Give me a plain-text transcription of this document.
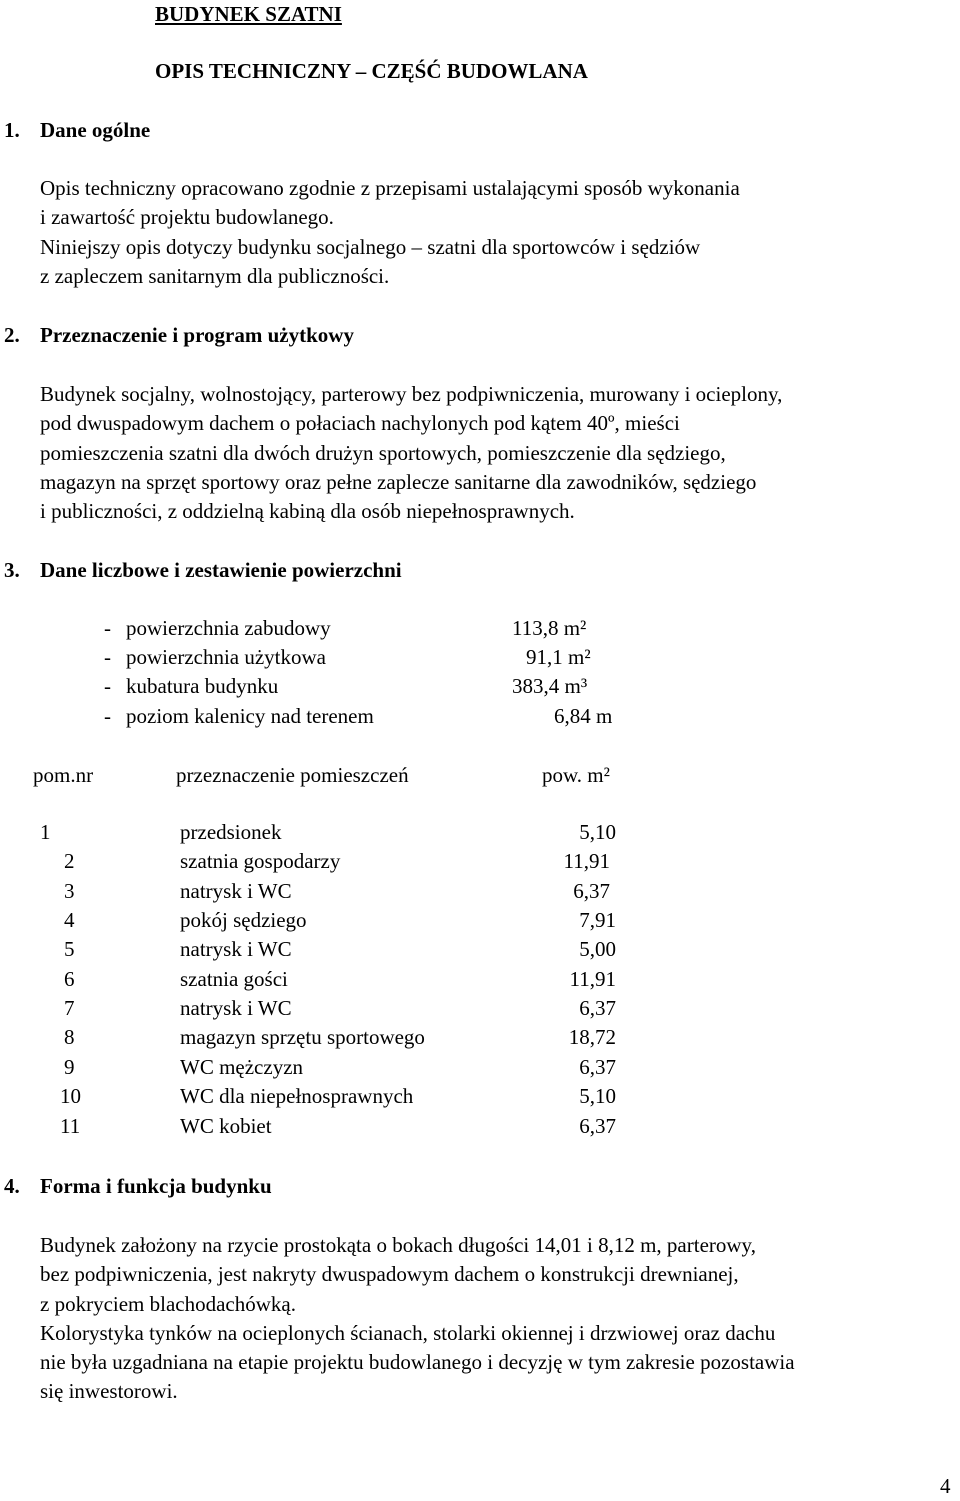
BUDYNEK SZATNI
OPIS TECHNICZNY – CZĘŚĆ BUDOWLANA
1. Dane ogólne
Opis techniczny opracowano zgodnie z przepisami ustalającymi sposób wykonania
i zawartość projektu budowlanego.
Niniejszy opis dotyczy budynku socjalnego – szatni dla sportowców i sędziów
z zapleczem sanitarnym dla publiczności.
2. Przeznaczenie i program użytkowy
Budynek socjalny, wolnostojący, parterowy bez podpiwniczenia, murowany i ocieplony,
pod dwuspadowym dachem o połaciach nachylonych pod kątem 40º, mieści
pomieszczenia szatni dla dwóch drużyn sportowych, pomieszczenie dla sędziego,
magazyn na sprzęt sportowy oraz pełne zaplecze sanitarne dla zawodników, sędziego
i publiczności, z oddzielną kabiną dla osób niepełnosprawnych.
3. Dane liczbowe i zestawienie powierzchni
- powierzchnia zabudowy	113,8 m²
- powierzchnia użytkowa	91,1 m²
- kubatura budynku	383,4 m³
- poziom kalenicy nad terenem	6,84 m
pom.nr	przeznaczenie pomieszczeń	pow. m²
1	przedsionek	5,10
2	szatnia gospodarzy	11,91
3	natrysk i WC	6,37
4	pokój sędziego	7,91
5	natrysk i WC	5,00
6	szatnia gości	11,91
7	natrysk i WC	6,37
8	magazyn sprzętu sportowego	18,72
9	WC mężczyzn	6,37
10	WC dla niepełnosprawnych	5,10
11	WC kobiet	6,37
4. Forma i funkcja budynku
Budynek założony na rzycie prostokąta o bokach długości 14,01 i 8,12 m, parterowy,
bez podpiwniczenia, jest nakryty dwuspadowym dachem o konstrukcji drewnianej,
z pokryciem blachodachówką.
Kolorystyka tynków na ocieplonych ścianach, stolarki okiennej i drzwiowej oraz dachu
nie była uzgadniana na etapie projektu budowlanego i decyzję w tym zakresie pozostawia
się inwestorowi.
4
